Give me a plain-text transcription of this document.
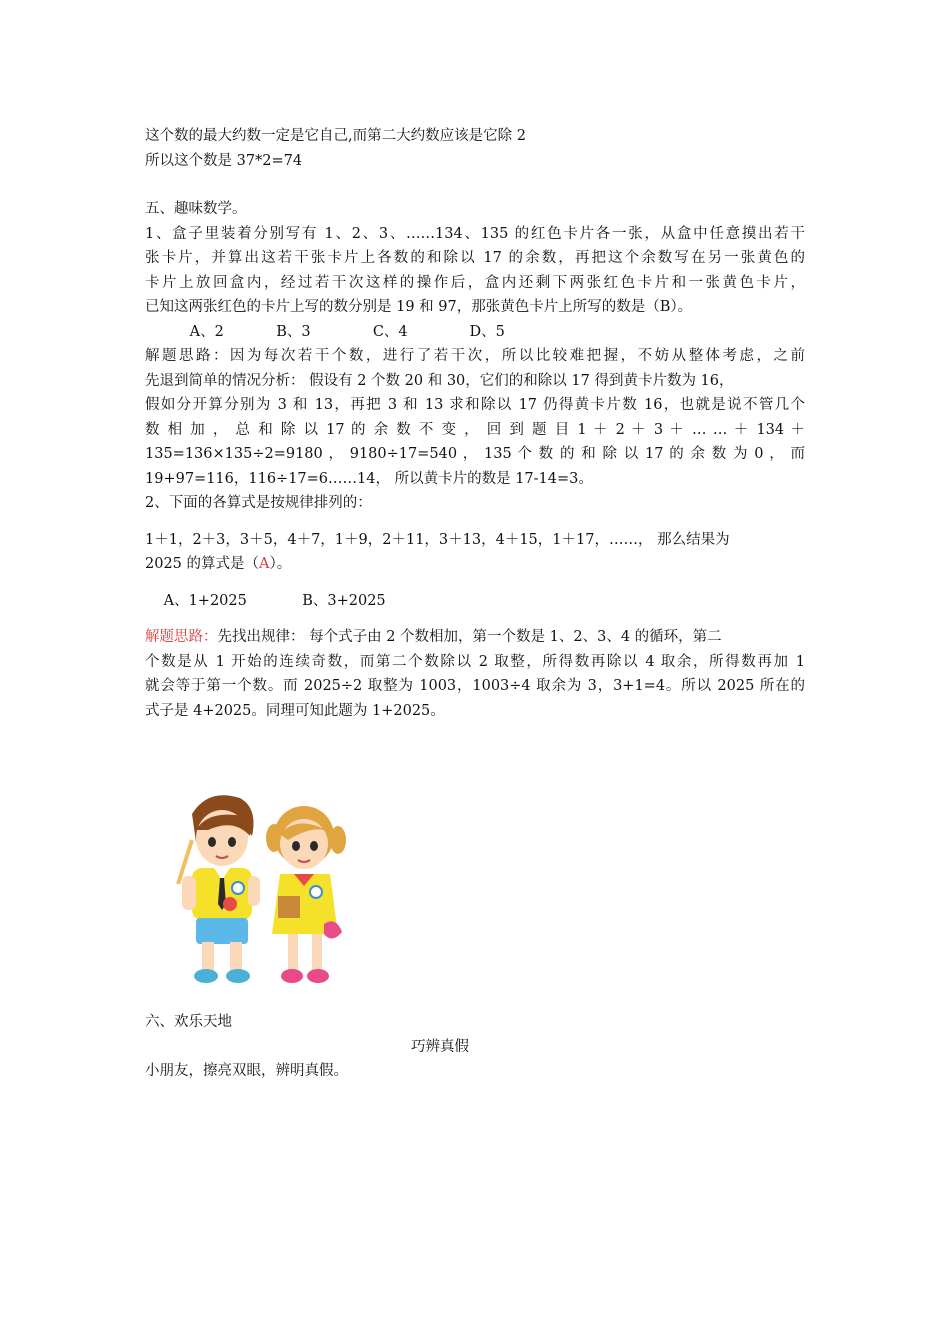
这个数的最大约数一定是它自己,而第二大约数应该是它除 2
所以这个数是 37*2=74
五、趣味数学。
1、盒子里装着分别写有 1、2、3、……134、135 的红色卡片各一张，从盒中任意摸出若干
张卡片，并算出这若干张卡片上各数的和除以 17 的余数，再把这个余数写在另一张黄色的
卡片上放回盒内，经过若干次这样的操作后，盒内还剩下两张红色卡片和一张黄色卡片，
已知这两张红色的卡片上写的数分别是 19 和 97，那张黄色卡片上所写的数是（B）。
A、2	B、3	C、4	D、5
解题思路：因为每次若干个数，进行了若干次，所以比较难把握，不妨从整体考虑，之前
先退到简单的情况分析： 假设有 2 个数 20 和 30，它们的和除以 17 得到黄卡片数为 16，
假如分开算分别为 3 和 13，再把 3 和 13 求和除以 17 仍得黄卡片数 16，也就是说不管几个
数 相 加 ， 总 和 除 以 17 的 余 数 不 变 ， 回 到 题 目 1 ＋ 2 ＋ 3 ＋ … … ＋ 134 ＋
135=136×135÷2=9180 ， 9180÷17=540 ， 135 个 数 的 和 除 以 17 的 余 数 为 0 ， 而
19+97=116，116÷17=6……14， 所以黄卡片的数是 17-14=3。
2、下面的各算式是按规律排列的：
1＋1，2＋3，3＋5，4＋7，1＋9，2＋11，3＋13，4＋15，1＋17，……， 那么结果为
2025 的算式是（A）。
A、1+2025	B、3+2025
解题思路：先找出规律： 每个式子由 2 个数相加，第一个数是 1、2、3、4 的循环，第二
个数是从 1 开始的连续奇数，而第二个数除以 2 取整，所得数再除以 4 取余，所得数再加 1
就会等于第一个数。而 2025÷2 取整为 1003，1003÷4 取余为 3，3+1=4。所以 2025 所在的
式子是 4+2025。同理可知此题为 1+2025。
六、欢乐天地
巧辨真假
小朋友，擦亮双眼，辨明真假。
